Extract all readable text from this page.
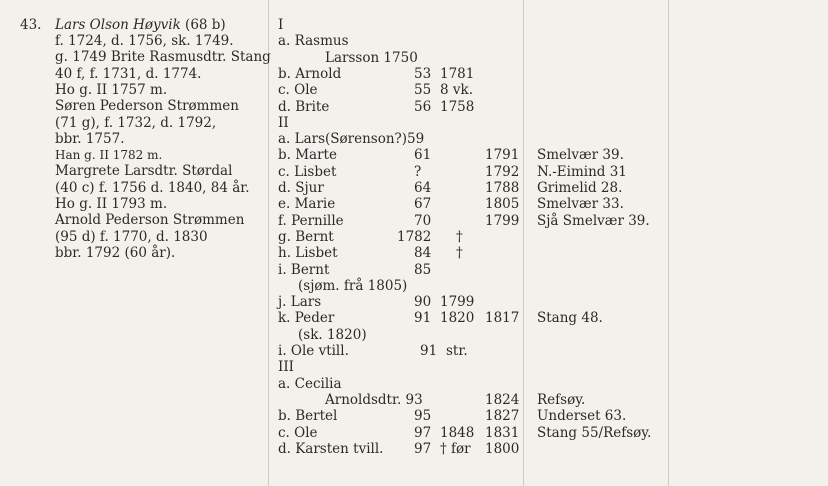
43. Lars Olson Høyvik (68 b)
f. 1724, d. 1756, sk. 1749.
g. 1749 Brite Rasmusdtr. Stang
40 f, f. 1731, d. 1774.
Ho g. II 1757 m.
Søren Pederson Strømmen
(71 g), f. 1732, d. 1792,
bbr. 1757.
Han g. II 1782 m.
Margrete Larsdtr. Størdal
(40 c) f. 1756 d. 1840, 84 år.
Ho g. II 1793 m.
Arnold Pederson Strømmen
(95 d) f. 1770, d. 1830
bbr. 1792 (60 år).
I
a. Rasmus
Larsson 1750
b. Arnold	53 1781
c. Ole	55 8 vk.
d. Brite	56 1758
II
a. Lars(Sørenson?)59
b. Marte	61	1791 Smelvær 39.
c. Lisbet	?	1792 N.-Eimind 31
d. Sjur	64	1788 Grimelid 28.
e. Marie	67	1805 Smelvær 33.
f. Pernille	70	1799 Sjå Smelvær 39.
g. Bernt	1782 †
h. Lisbet	84 †
i. Bernt	85
(sjøm. frå 1805)
j. Lars	90 1799
k. Peder	91 1820 1817 Stang 48.
(sk. 1820)
i. Ole vtill.	91 str.
III
a. Cecilia
Arnoldsdtr. 93	1824 Refsøy.
b. Bertel	95	1827 Underset 63.
c. Ole	97 1848 1831 Stang 55/Refsøy.
d. Karsten tvill. 97 † før 1800
